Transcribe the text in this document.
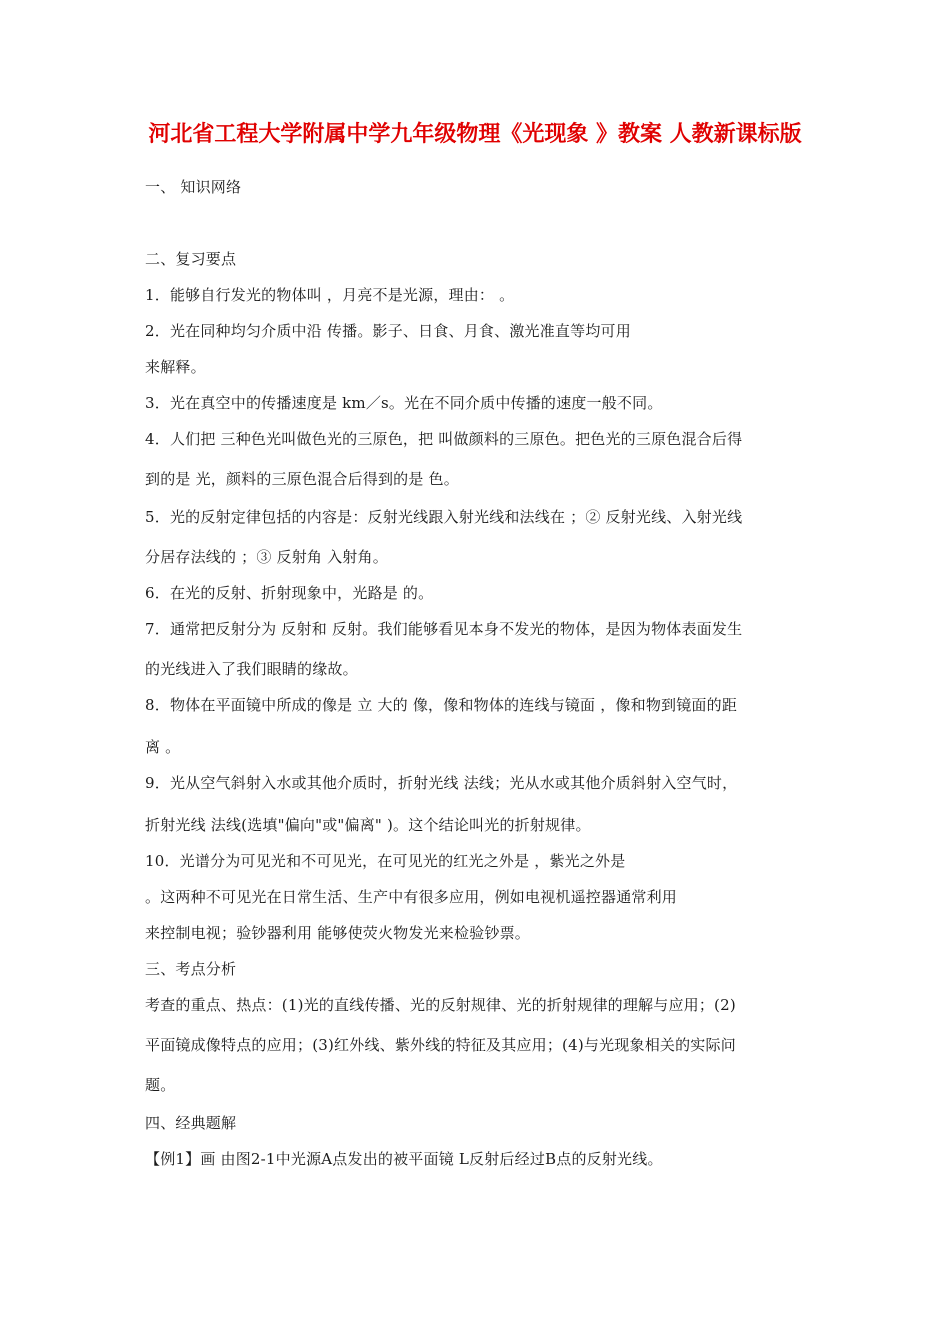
河北省工程大学附属中学九年级物理《光现象 》教案 人教新课标版
一、 知识网络
二、复习要点
1．能够自行发光的物体叫 ，月亮不是光源，理由： 。
2．光在同种均匀介质中沿 传播。影子、日食、月食、激光准直等均可用
来解释。
3．光在真空中的传播速度是 km／s。光在不同介质中传播的速度一般不同。
4．人们把 三种色光叫做色光的三原色，把 叫做颜料的三原色。把色光的三原色混合后得
到的是 光，颜料的三原色混合后得到的是 色。
5．光的反射定律包括的内容是：反射光线跟入射光线和法线在 ；② 反射光线、入射光线
分居存法线的 ；③ 反射角 入射角。
6．在光的反射、折射现象中，光路是 的。
7．通常把反射分为 反射和 反射。我们能够看见本身不发光的物体，是因为物体表面发生
的光线进入了我们眼睛的缘故。
8．物体在平面镜中所成的像是 立 大的 像，像和物体的连线与镜面 ，像和物到镜面的距
离 。
9．光从空气斜射入水或其他介质时，折射光线 法线；光从水或其他介质斜射入空气时，
折射光线 法线(选填"偏向"或"偏离" )。这个结论叫光的折射规律。
10．光谱分为可见光和不可见光，在可见光的红光之外是 ，紫光之外是
。这两种不可见光在日常生活、生产中有很多应用，例如电视机遥控器通常利用
来控制电视；验钞器利用 能够使荧火物发光来检验钞票。
三、考点分析
考查的重点、热点：(1)光的直线传播、光的反射规律、光的折射规律的理解与应用；(2)
平面镜成像特点的应用；(3)红外线、紫外线的特征及其应用；(4)与光现象相关的实际问
题。
四、经典题解
【例1】画 由图2-1中光源A点发出的被平面镜 L反射后经过B点的反射光线。
